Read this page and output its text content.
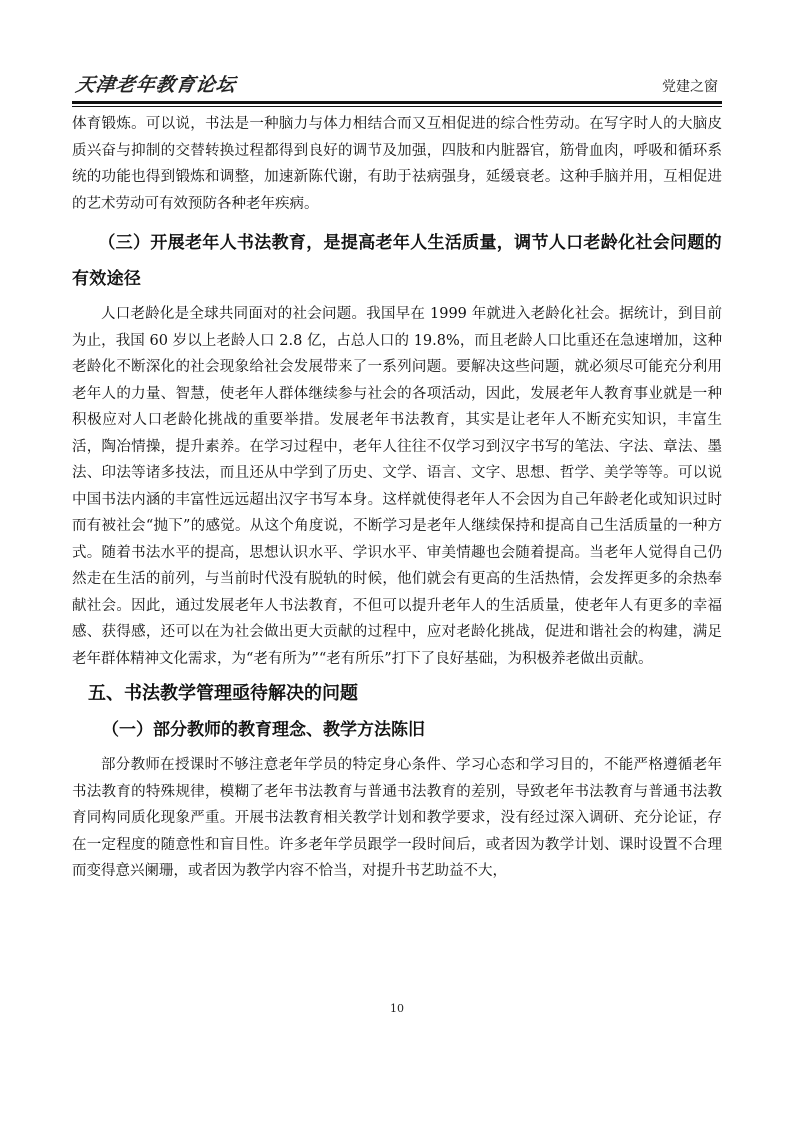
天津老年教育论坛	党建之窗

体育锻炼。可以说，书法是一种脑力与体力相结合而又互相促进的综合性劳动。在写字时人的大脑皮质兴奋与抑制的交替转换过程都得到良好的调节及加强，四肢和内脏器官，筋骨血肉，呼吸和循环系统的功能也得到锻炼和调整，加速新陈代谢，有助于祛病强身，延缓衰老。这种手脑并用，互相促进的艺术劳动可有效预防各种老年疾病。

（三）开展老年人书法教育，是提高老年人生活质量，调节人口老龄化社会问题的有效途径

人口老龄化是全球共同面对的社会问题。我国早在 1999 年就进入老龄化社会。据统计，到目前为止，我国 60 岁以上老龄人口 2.8 亿，占总人口的 19.8%，而且老龄人口比重还在急速增加，这种老龄化不断深化的社会现象给社会发展带来了一系列问题。要解决这些问题，就必须尽可能充分利用老年人的力量、智慧，使老年人群体继续参与社会的各项活动，因此，发展老年人教育事业就是一种积极应对人口老龄化挑战的重要举措。发展老年书法教育，其实是让老年人不断充实知识，丰富生活，陶冶情操，提升素养。在学习过程中，老年人往往不仅学习到汉字书写的笔法、字法、章法、墨法、印法等诸多技法，而且还从中学到了历史、文学、语言、文字、思想、哲学、美学等等。可以说中国书法内涵的丰富性远远超出汉字书写本身。这样就使得老年人不会因为自己年龄老化或知识过时而有被社会“抛下”的感觉。从这个角度说，不断学习是老年人继续保持和提高自己生活质量的一种方式。随着书法水平的提高，思想认识水平、学识水平、审美情趣也会随着提高。当老年人觉得自己仍然走在生活的前列，与当前时代没有脱轨的时候，他们就会有更高的生活热情，会发挥更多的余热奉献社会。因此，通过发展老年人书法教育，不但可以提升老年人的生活质量，使老年人有更多的幸福感、获得感，还可以在为社会做出更大贡献的过程中，应对老龄化挑战，促进和谐社会的构建，满足老年群体精神文化需求，为“老有所为”“老有所乐”打下了良好基础，为积极养老做出贡献。

五、书法教学管理亟待解决的问题
（一）部分教师的教育理念、教学方法陈旧

部分教师在授课时不够注意老年学员的特定身心条件、学习心态和学习目的，不能严格遵循老年书法教育的特殊规律，模糊了老年书法教育与普通书法教育的差别，导致老年书法教育与普通书法教育同构同质化现象严重。开展书法教育相关教学计划和教学要求，没有经过深入调研、充分论证，存在一定程度的随意性和盲目性。许多老年学员跟学一段时间后，或者因为教学计划、课时设置不合理而变得意兴阑珊，或者因为教学内容不恰当，对提升书艺助益不大，

10
